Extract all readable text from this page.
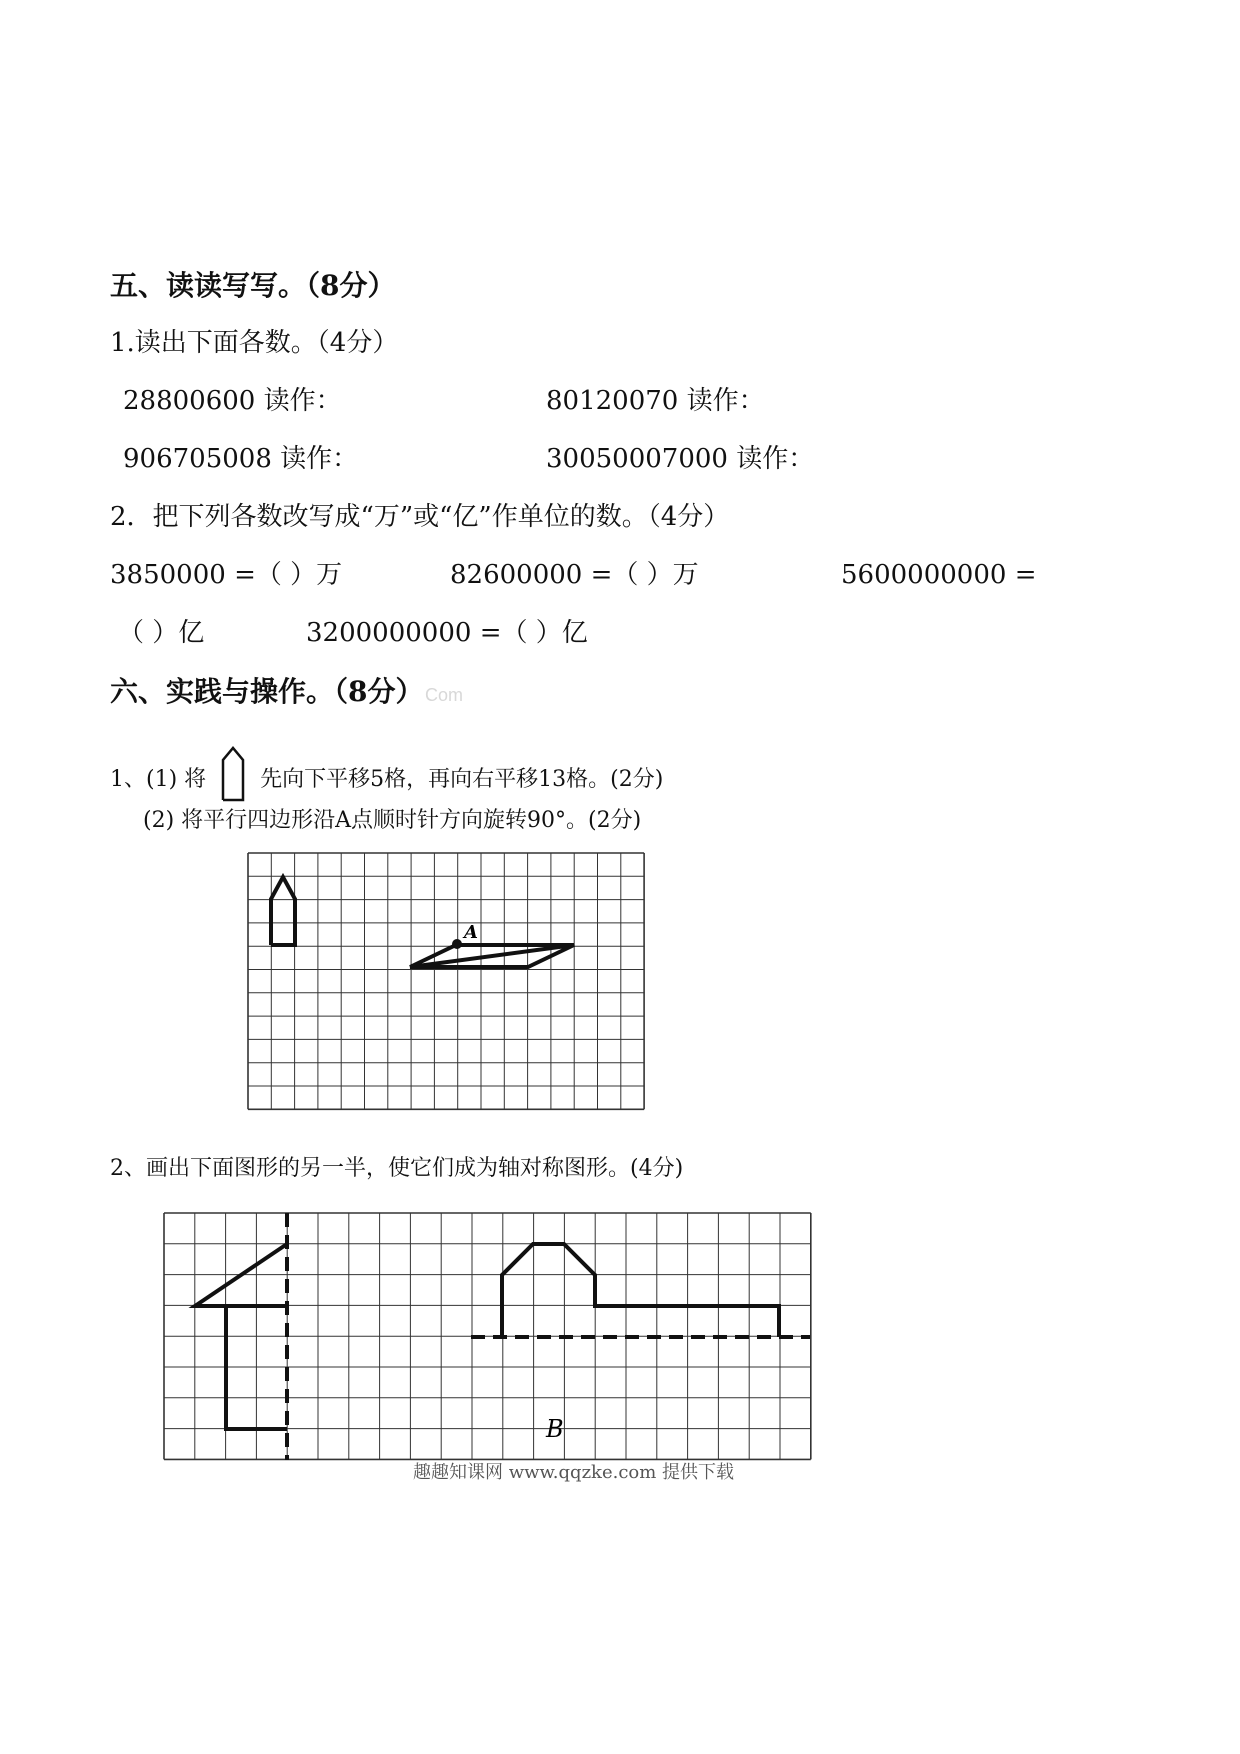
五、读读写写。（8分）
1.读出下面各数。（4分）
28800600 读作：	80120070 读作：
906705008 读作：	30050007000 读作：
2．把下列各数改写成“万”或“亿”作单位的数。（4分）
3850000 =（ ）万	82600000 =（ ）万	5600000000 =
（ ）亿	3200000000 =（ ）亿
六、实践与操作。（8分） Com
1、(1) 将 先向下平移5格，再向右平移13格。(2分)
(2) 将平行四边形沿A点顺时针方向旋转90°。(2分)
A
2、画出下面图形的另一半，使它们成为轴对称图形。(4分)
B
趣趣知课网 www.qqzke.com 提供下载
